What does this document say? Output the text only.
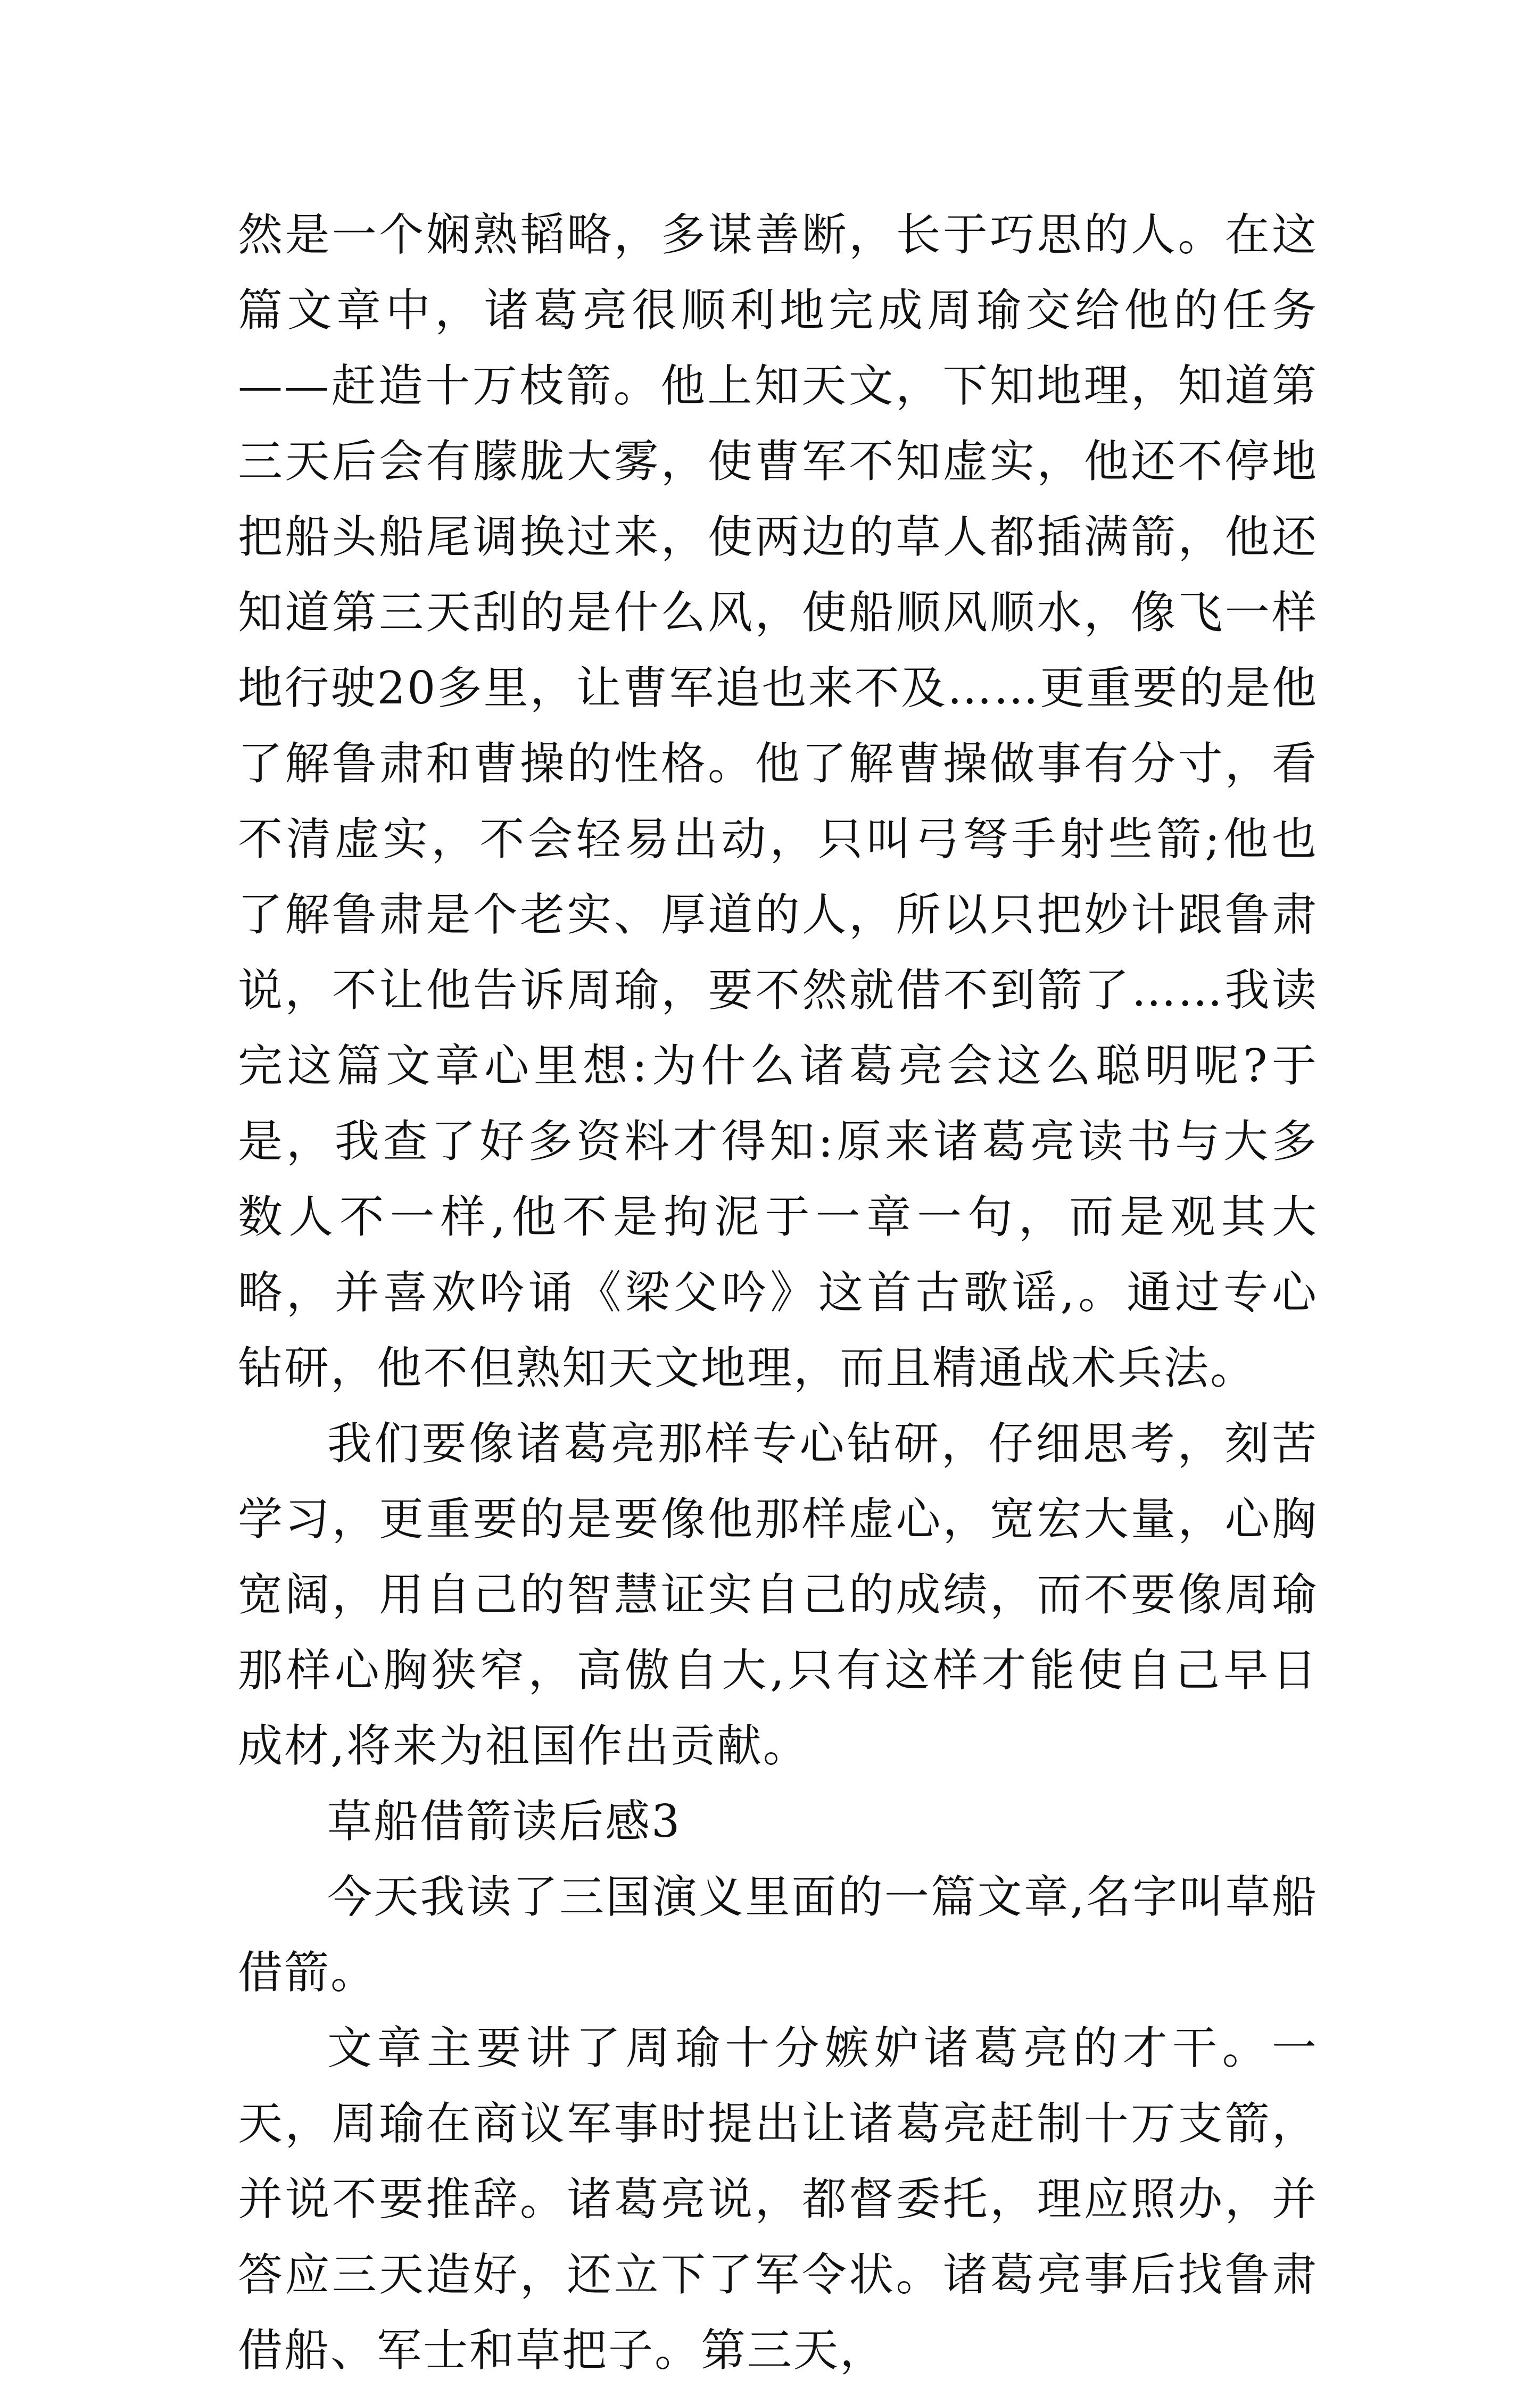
然是一个娴熟韬略，多谋善断，长于巧思的人。在这篇文章中，诸葛亮很顺利地完成周瑜交给他的任务——赶造十万枝箭。他上知天文，下知地理，知道第三天后会有朦胧大雾，使曹军不知虚实，他还不停地把船头船尾调换过来，使两边的草人都插满箭，他还知道第三天刮的是什么风，使船顺风顺水，像飞一样地行驶20多里，让曹军追也来不及……更重要的是他了解鲁肃和曹操的性格。他了解曹操做事有分寸，看不清虚实，不会轻易出动，只叫弓弩手射些箭;他也了解鲁肃是个老实、厚道的人，所以只把妙计跟鲁肃说，不让他告诉周瑜，要不然就借不到箭了……我读完这篇文章心里想:为什么诸葛亮会这么聪明呢?于是，我查了好多资料才得知:原来诸葛亮读书与大多数人不一样,他不是拘泥于一章一句，而是观其大略，并喜欢吟诵《梁父吟》这首古歌谣,。通过专心钻研，他不但熟知天文地理，而且精通战术兵法。

我们要像诸葛亮那样专心钻研，仔细思考，刻苦学习，更重要的是要像他那样虚心，宽宏大量，心胸宽阔，用自己的智慧证实自己的成绩，而不要像周瑜那样心胸狭窄，高傲自大,只有这样才能使自己早日成材,将来为祖国作出贡献。

草船借箭读后感3

今天我读了三国演义里面的一篇文章,名字叫草船借箭。

文章主要讲了周瑜十分嫉妒诸葛亮的才干。一天，周瑜在商议军事时提出让诸葛亮赶制十万支箭，并说不要推辞。诸葛亮说，都督委托，理应照办，并答应三天造好，还立下了军令状。诸葛亮事后找鲁肃借船、军士和草把子。第三天，
